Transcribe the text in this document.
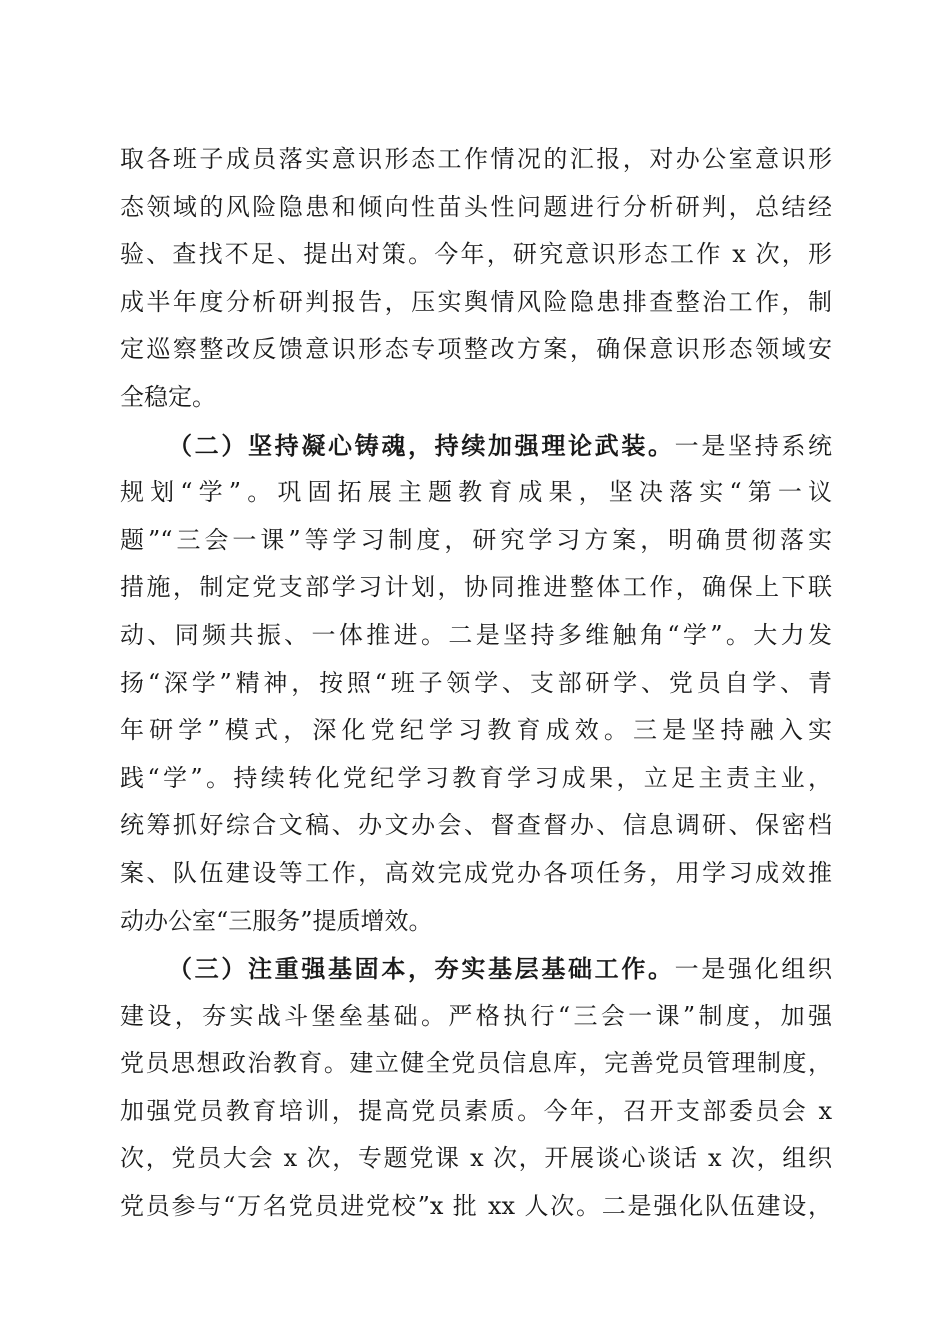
取各班子成员落实意识形态工作情况的汇报，对办公室意识形
态领域的风险隐患和倾向性苗头性问题进行分析研判，总结经
验、查找不足、提出对策。今年，研究意识形态工作 x 次，形
成半年度分析研判报告，压实舆情风险隐患排查整治工作，制
定巡察整改反馈意识形态专项整改方案，确保意识形态领域安
全稳定。
（二）坚持凝心铸魂，持续加强理论武装。一是坚持系统
规划“学”。巩固拓展主题教育成果，坚决落实“第一议
题”“三会一课”等学习制度，研究学习方案，明确贯彻落实
措施，制定党支部学习计划，协同推进整体工作，确保上下联
动、同频共振、一体推进。二是坚持多维触角“学”。大力发
扬“深学”精神，按照“班子领学、支部研学、党员自学、青
年研学”模式，深化党纪学习教育成效。三是坚持融入实
践“学”。持续转化党纪学习教育学习成果，立足主责主业，
统筹抓好综合文稿、办文办会、督查督办、信息调研、保密档
案、队伍建设等工作，高效完成党办各项任务，用学习成效推
动办公室“三服务”提质增效。
（三）注重强基固本，夯实基层基础工作。一是强化组织
建设，夯实战斗堡垒基础。严格执行“三会一课”制度，加强
党员思想政治教育。建立健全党员信息库，完善党员管理制度，
加强党员教育培训，提高党员素质。今年，召开支部委员会 x
次，党员大会 x 次，专题党课 x 次，开展谈心谈话 x 次，组织
党员参与“万名党员进党校”x 批 xx 人次。二是强化队伍建设，
